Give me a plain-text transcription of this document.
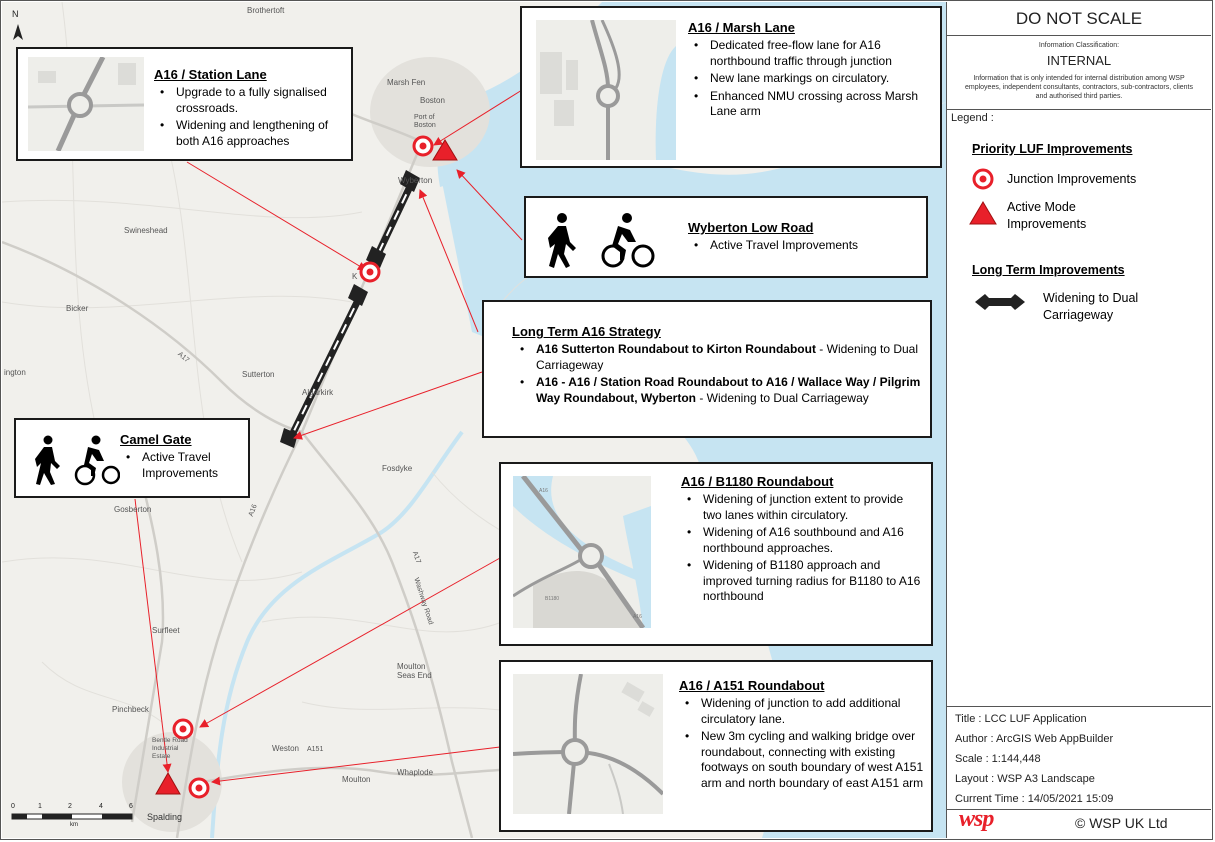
N	Brothertoft
Marsh Fen
Boston
Port of Boston
Wyberton
Swineshead
K
Bicker
ington	Sutterton
Algarkirk
Fosdyke
Gosberton
Surfleet
Moulton Seas End
Pinchbeck
Bentle Road Industrial Estate
Weston A151
Whaplode
Moulton
Spalding
Washway Road
A16
A17
A17
0	1	2	4	6
km
A16 / Station Lane
• Upgrade to a fully signalised crossroads.
• Widening and lengthening of both A16 approaches
A16 / Marsh Lane
• Dedicated free-flow lane for A16 northbound traffic through junction
• New lane markings on circulatory.
• Enhanced NMU crossing across Marsh Lane arm
Wyberton Low Road
• Active Travel Improvements
Long Term A16 Strategy
• A16 Sutterton Roundabout to Kirton Roundabout - Widening to Dual Carriageway
• A16 - A16 / Station Road Roundabout to A16 / Wallace Way / Pilgrim Way Roundabout, Wyberton - Widening to Dual Carriageway
Camel Gate
• Active Travel Improvements
A16
B1180
A16
A16 / B1180 Roundabout
• Widening of junction extent to provide two lanes within circulatory.
• Widening of A16 southbound and A16 northbound approaches.
• Widening of B1180 approach and improved turning radius for B1180 to A16 northbound
A16 / A151 Roundabout
• Widening of junction to add additional circulatory lane.
• New 3m cycling and walking bridge over roundabout, connecting with existing footways on south boundary of west A151 arm and north boundary of east A151 arm
DO NOT SCALE
Information Classification:
INTERNAL
Information that is only intended for internal distribution among WSP employees, independent consultants, contractors, sub-contractors, clients and authorised third parties.
Legend :
Priority LUF Improvements
Junction Improvements
Active Mode Improvements
Long Term Improvements
Widening to Dual Carriageway
Title : LCC LUF Application
Author : ArcGIS Web AppBuilder
Scale : 1:144,448
Layout : WSP A3 Landscape
Current Time : 14/05/2021 15:09
wsp	© WSP UK Ltd
